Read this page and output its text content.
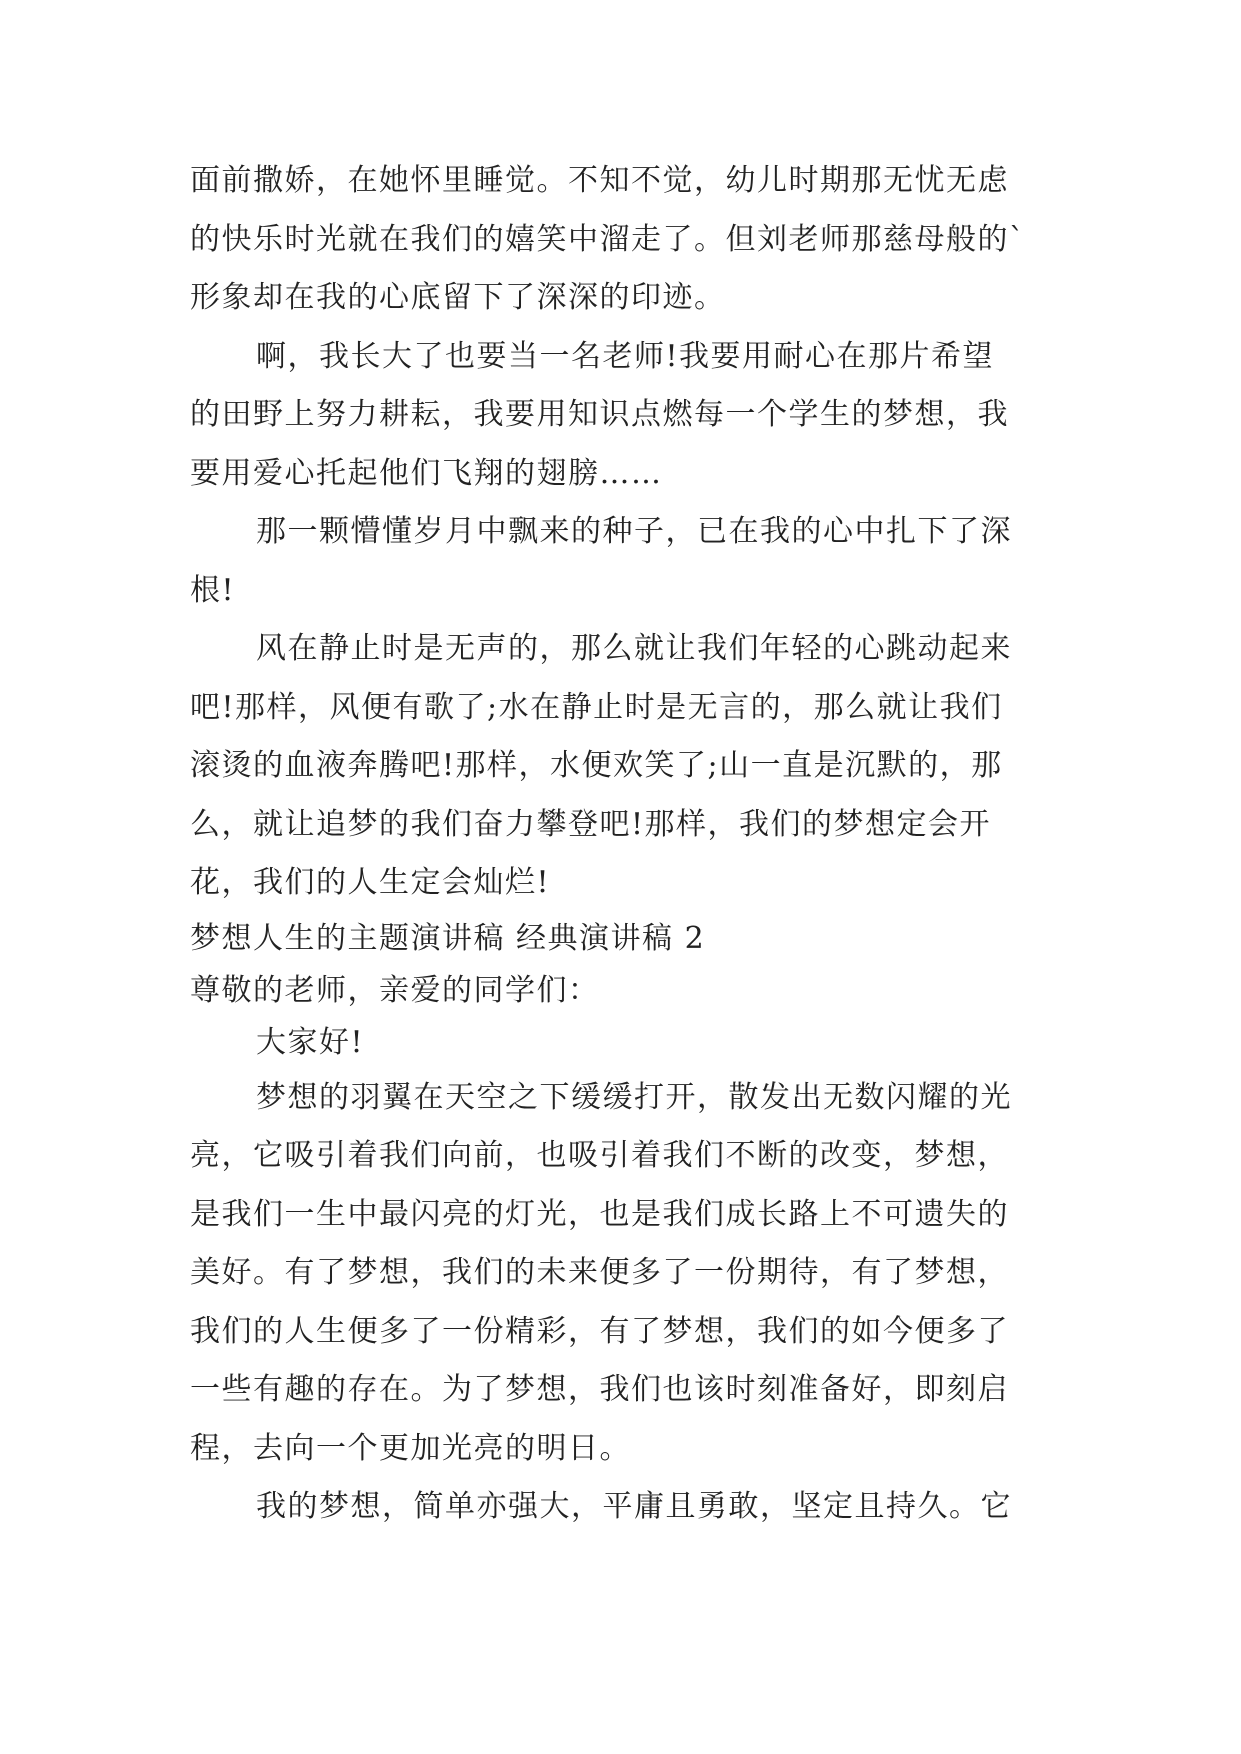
面前撒娇，在她怀里睡觉。不知不觉，幼儿时期那无忧无虑
的快乐时光就在我们的嬉笑中溜走了。但刘老师那慈母般的`
形象却在我的心底留下了深深的印迹。
啊，我长大了也要当一名老师!我要用耐心在那片希望
的田野上努力耕耘，我要用知识点燃每一个学生的梦想，我
要用爱心托起他们飞翔的翅膀……
那一颗懵懂岁月中飘来的种子，已在我的心中扎下了深
根!
风在静止时是无声的，那么就让我们年轻的心跳动起来
吧!那样，风便有歌了;水在静止时是无言的，那么就让我们
滚烫的血液奔腾吧!那样，水便欢笑了;山一直是沉默的，那
么，就让追梦的我们奋力攀登吧!那样，我们的梦想定会开
花，我们的人生定会灿烂!
梦想人生的主题演讲稿 经典演讲稿 2
尊敬的老师，亲爱的同学们：
大家好!
梦想的羽翼在天空之下缓缓打开，散发出无数闪耀的光
亮，它吸引着我们向前，也吸引着我们不断的改变，梦想，
是我们一生中最闪亮的灯光，也是我们成长路上不可遗失的
美好。有了梦想，我们的未来便多了一份期待，有了梦想，
我们的人生便多了一份精彩，有了梦想，我们的如今便多了
一些有趣的存在。为了梦想，我们也该时刻准备好，即刻启
程，去向一个更加光亮的明日。
我的梦想，简单亦强大，平庸且勇敢，坚定且持久。它
